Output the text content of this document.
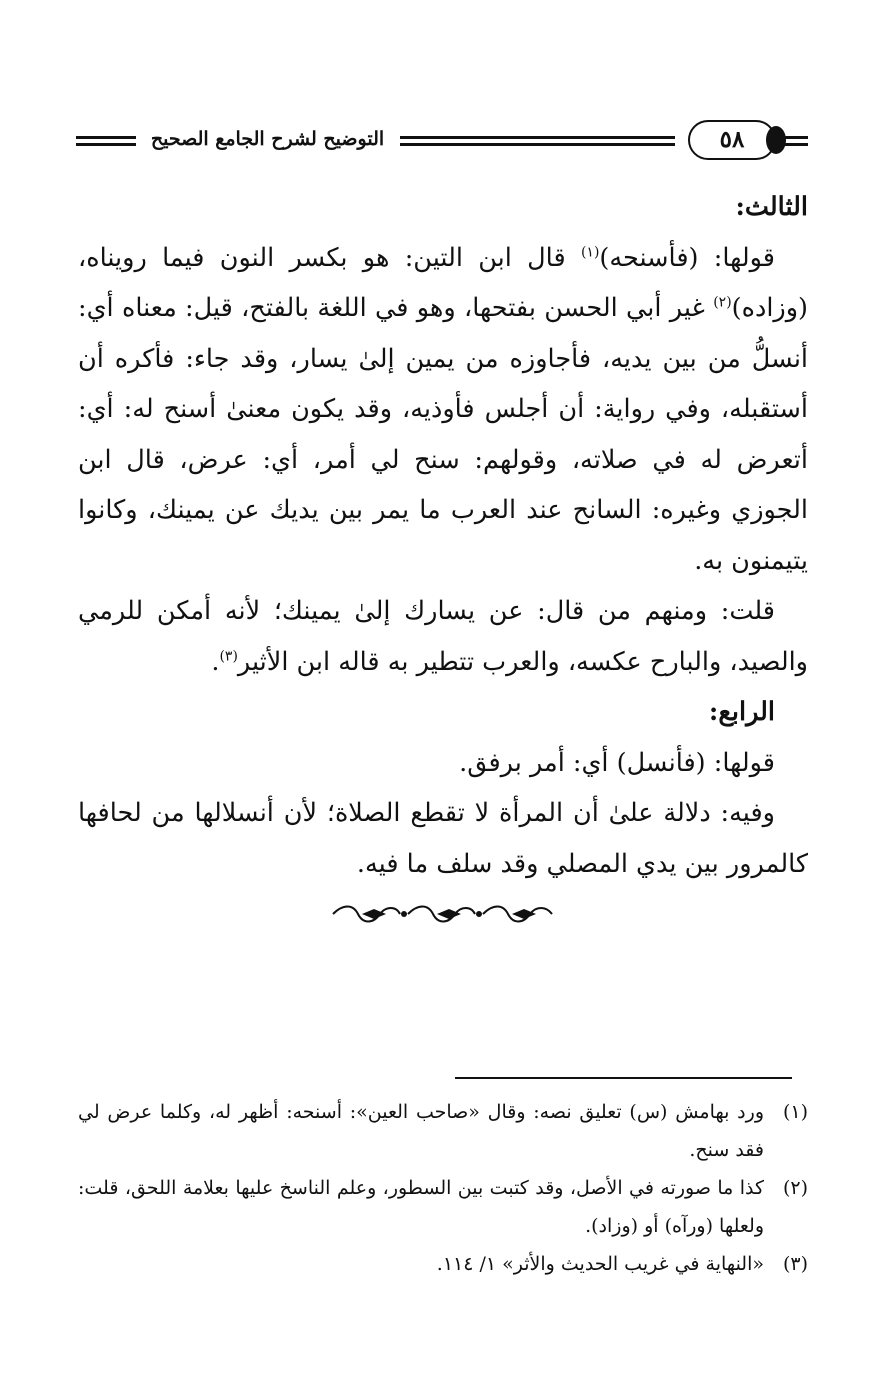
التوضيح لشرح الجامع الصحيح	٥٨

الثالث:

قولها: (فأسنحه)$^{(١)}$ قال ابن التين: هو بكسر النون فيما رويناه، (وزاده)$^{(٢)}$ غير أبي الحسن بفتحها، وهو في اللغة بالفتح، قيل: معناه أي: أنسلُّ من بين يديه، فأجاوزه من يمين إلىٰ يسار، وقد جاء: فأكره أن أستقبله، وفي رواية: أن أجلس فأوذيه، وقد يكون معنىٰ أسنح له: أي: أتعرض له في صلاته، وقولهم: سنح لي أمر، أي: عرض، قال ابن الجوزي وغيره: السانح عند العرب ما يمر بين يديك عن يمينك، وكانوا يتيمنون به.

قلت: ومنهم من قال: عن يسارك إلىٰ يمينك؛ لأنه أمكن للرمي والصيد، والبارح عكسه، والعرب تتطير به قاله ابن الأثير$^{(٣)}$.

الرابع:

قولها: (فأنسل) أي: أمر برفق.

وفيه: دلالة علىٰ أن المرأة لا تقطع الصلاة؛ لأن أنسلالها من لحافها كالمرور بين يدي المصلي وقد سلف ما فيه.

(١)
ورد بهامش (س) تعليق نصه: وقال «صاحب العين»: أسنحه: أظهر له، وكلما عرض لي فقد سنح.
(٢)
كذا ما صورته في الأصل، وقد كتبت بين السطور، وعلم الناسخ عليها بعلامة اللحق، قلت: ولعلها (ورآه) أو (وزاد).
(٣)
«النهاية في غريب الحديث والأثر» ١/ ١١٤.
